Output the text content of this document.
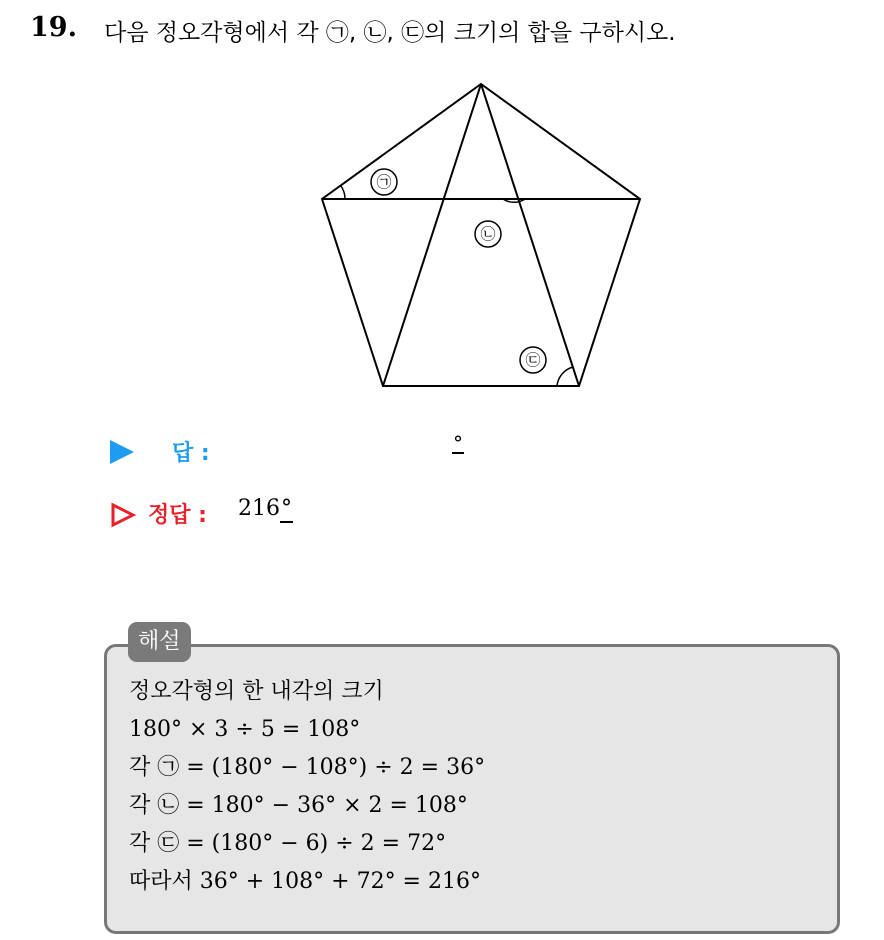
19. 다음 정오각형에서 각 ㉠, ㉡, ㉢의 크기의 합을 구하시오.
㉠
㉡
㉢
답 :	°
정답 : 216°
정오각형의 한 내각의 크기
180° × 3 ÷ 5 = 108°
각 ㉠ = (180° − 108°) ÷ 2 = 36°
각 ㉡ = 180° − 36° × 2 = 108°
각 ㉢ = (180° − 6) ÷ 2 = 72°
따라서 36° + 108° + 72° = 216°
해설
